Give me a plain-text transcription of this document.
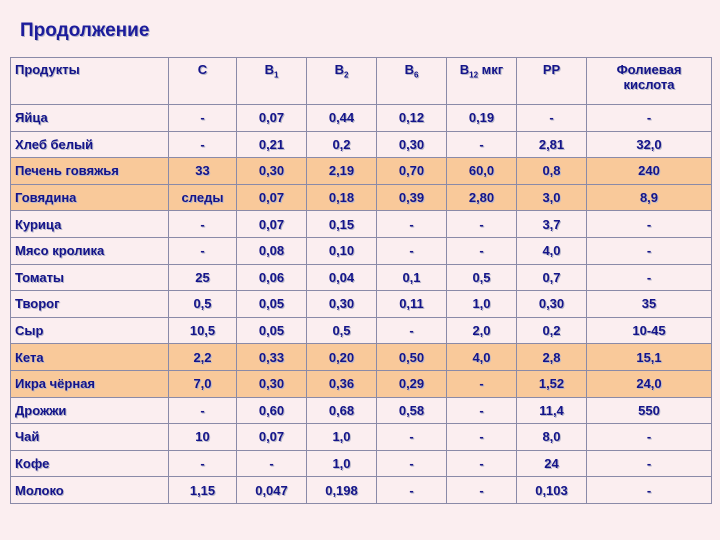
Продолжение
Продукты	C	$B_1$	$B_2$	$B_6$	$B_{12}$ мкг	PP	Фолиевая
кислота
Яйца	-	0,07	0,44	0,12	0,19	-	-
Хлеб белый	-	0,21	0,2	0,30	-	2,81	32,0
Печень говяжья	33	0,30	2,19	0,70	60,0	0,8	240
Говядина	следы	0,07	0,18	0,39	2,80	3,0	8,9
Курица	-	0,07	0,15	-	-	3,7	-
Мясо кролика	-	0,08	0,10	-	-	4,0	-
Томаты	25	0,06	0,04	0,1	0,5	0,7	-
Творог	0,5	0,05	0,30	0,11	1,0	0,30	35
Сыр	10,5	0,05	0,5	-	2,0	0,2	10-45
Кета	2,2	0,33	0,20	0,50	4,0	2,8	15,1
Икра чёрная	7,0	0,30	0,36	0,29	-	1,52	24,0
Дрожжи	-	0,60	0,68	0,58	-	11,4	550
Чай	10	0,07	1,0	-	-	8,0	-
Кофе	-	-	1,0	-	-	24	-
Молоко	1,15	0,047	0,198	-	-	0,103	-
